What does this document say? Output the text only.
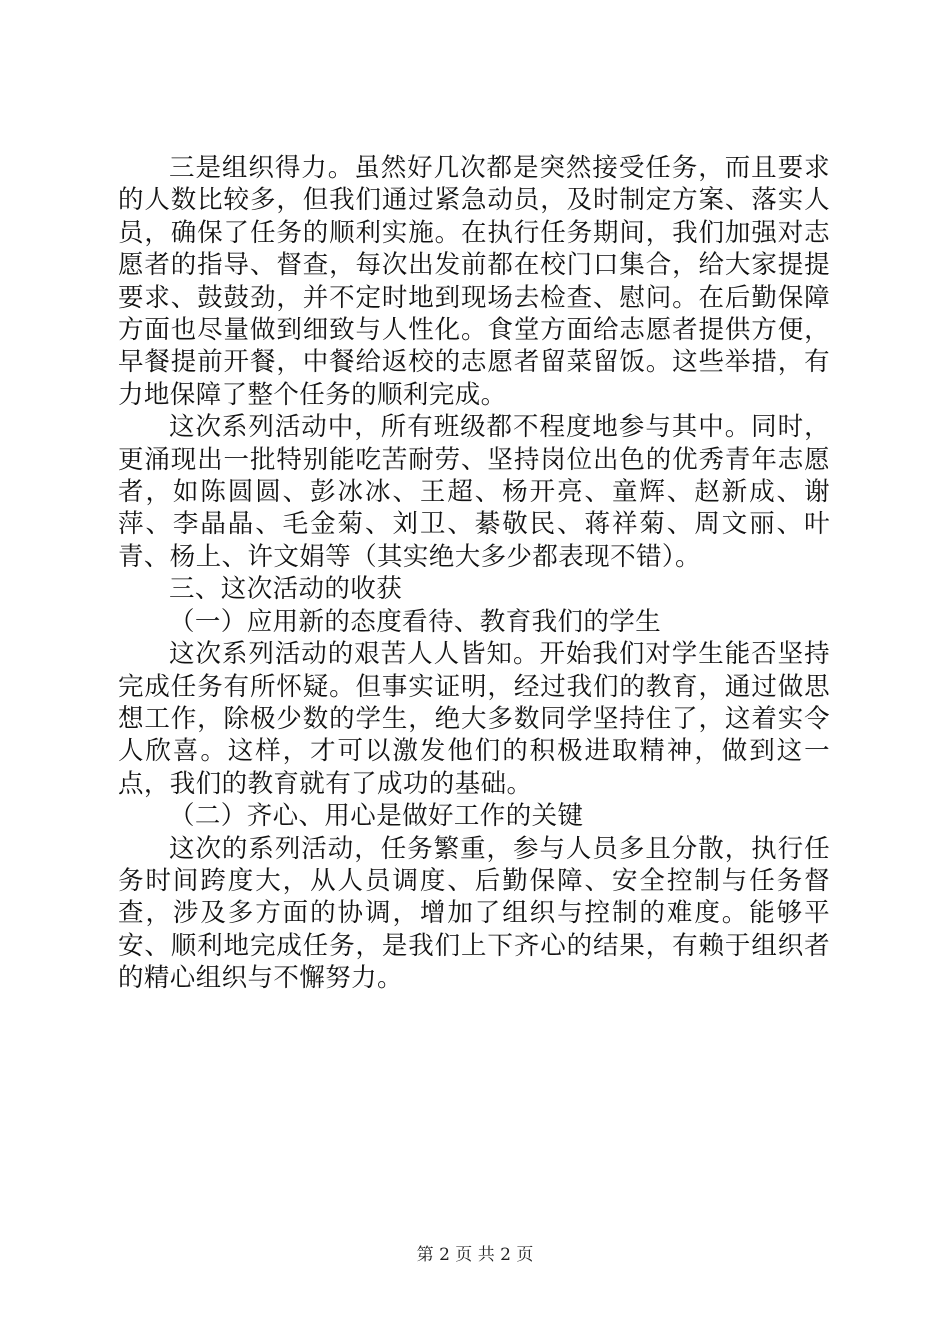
三是组织得力。虽然好几次都是突然接受任务，而且要求的人数比较多，但我们通过紧急动员，及时制定方案、落实人员，确保了任务的顺利实施。在执行任务期间，我们加强对志愿者的指导、督查，每次出发前都在校门口集合，给大家提提要求、鼓鼓劲，并不定时地到现场去检查、慰问。在后勤保障方面也尽量做到细致与人性化。食堂方面给志愿者提供方便，早餐提前开餐，中餐给返校的志愿者留菜留饭。这些举措，有力地保障了整个任务的顺利完成。

这次系列活动中，所有班级都不程度地参与其中。同时，更涌现出一批特别能吃苦耐劳、坚持岗位出色的优秀青年志愿者，如陈圆圆、彭冰冰、王超、杨开亮、童辉、赵新成、谢萍、李晶晶、毛金菊、刘卫、綦敬民、蒋祥菊、周文丽、叶青、杨上、许文娟等（其实绝大多少都表现不错）。

三、这次活动的收获

（一）应用新的态度看待、教育我们的学生

这次系列活动的艰苦人人皆知。开始我们对学生能否坚持完成任务有所怀疑。但事实证明，经过我们的教育，通过做思想工作，除极少数的学生，绝大多数同学坚持住了，这着实令人欣喜。这样，才可以激发他们的积极进取精神，做到这一点，我们的教育就有了成功的基础。

（二）齐心、用心是做好工作的关键

这次的系列活动，任务繁重，参与人员多且分散，执行任务时间跨度大，从人员调度、后勤保障、安全控制与任务督查，涉及多方面的协调，增加了组织与控制的难度。能够平安、顺利地完成任务，是我们上下齐心的结果，有赖于组织者的精心组织与不懈努力。

第 2 页 共 2 页
